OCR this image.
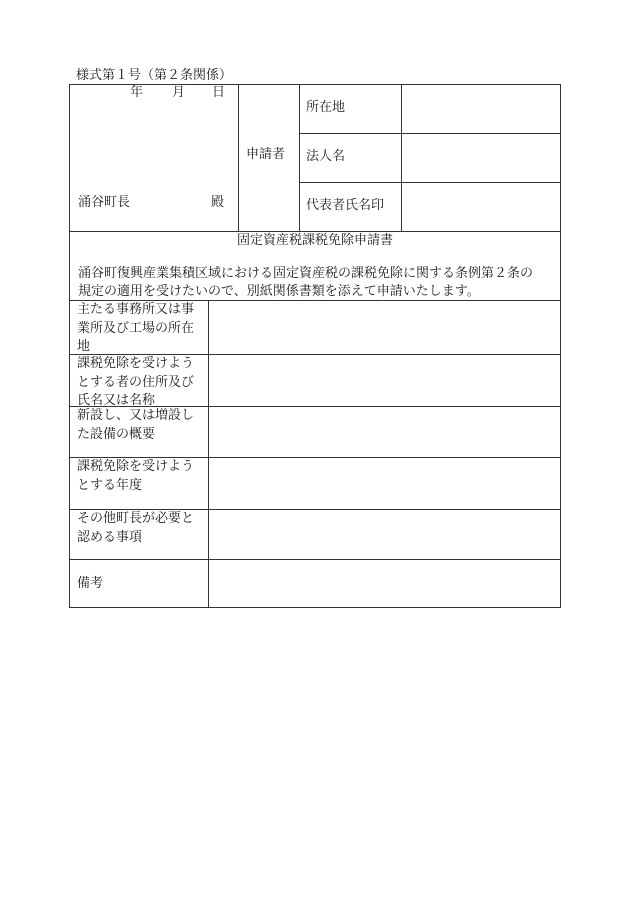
様式第１号（第２条関係）
年 月 日
涌谷町長	殿
申請者
所在地
法人名
代表者氏名印
固定資産税課税免除申請書
涌谷町復興産業集積区域における固定資産税の課税免除に関する条例第２条の
規定の適用を受けたいので、別紙関係書類を添えて申請いたします。
主たる事務所又は事
業所及び工場の所在
地
課税免除を受けよう
とする者の住所及び
氏名又は名称
新設し、又は増設し
た設備の概要
課税免除を受けよう
とする年度
その他町長が必要と
認める事項
備考
